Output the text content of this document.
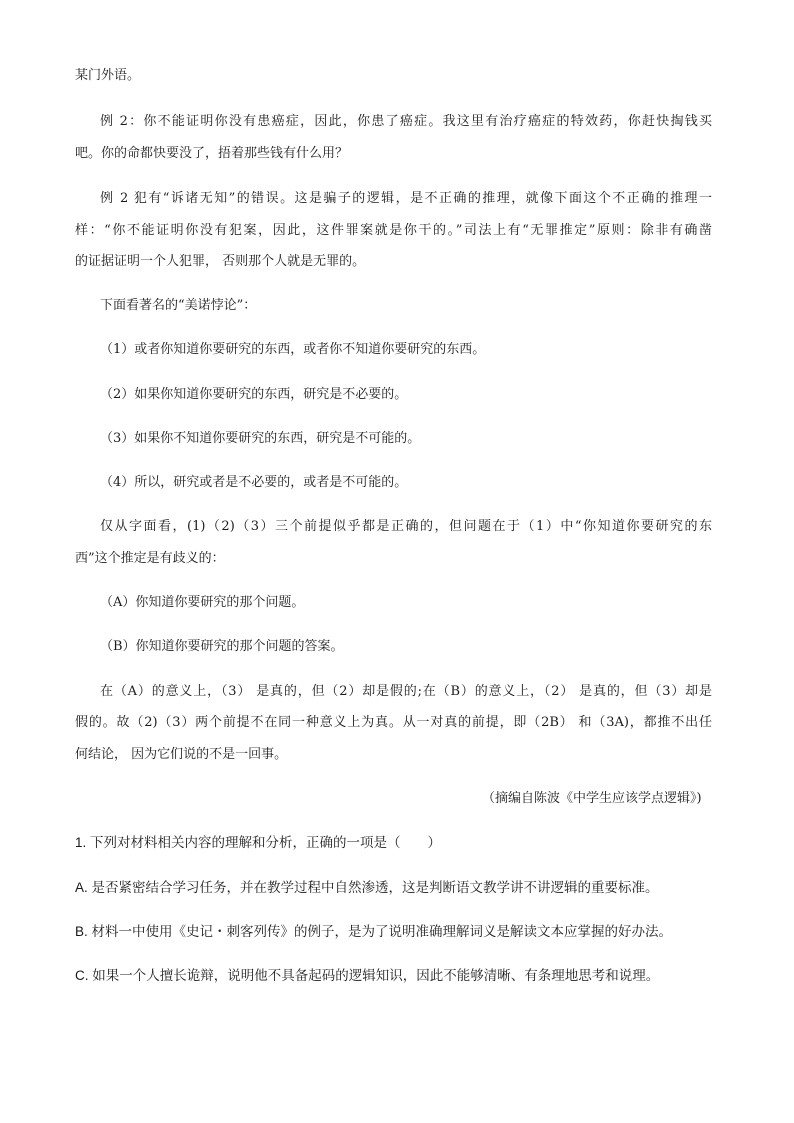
某门外语。
例 2：你不能证明你没有患癌症，因此，你患了癌症。我这里有治疗癌症的特效药，你赶快掏钱买
吧。你的命都快要没了，捂着那些钱有什么用？
例 2 犯有“诉诸无知”的错误。这是骗子的逻辑，是不正确的推理，就像下面这个不正确的推理一
样：“你不能证明你没有犯案，因此，这件罪案就是你干的。”司法上有“无罪推定”原则：除非有确凿
的证据证明一个人犯罪， 否则那个人就是无罪的。
下面看著名的“美诺悖论”：
（1）或者你知道你要研究的东西，或者你不知道你要研究的东西。
（2）如果你知道你要研究的东西，研究是不必要的。
（3）如果你不知道你要研究的东西，研究是不可能的。
（4）所以，研究或者是不必要的，或者是不可能的。
仅从字面看，(1)（2)（3）三个前提似乎都是正确的，但问题在于（1）中“你知道你要研究的东
西”这个推定是有歧义的：
（A）你知道你要研究的那个问题。
（B）你知道你要研究的那个问题的答案。
在（A）的意义上，（3） 是真的，但（2）却是假的;在（B）的意义上，（2） 是真的，但（3）却是
假的。故（2)（3）两个前提不在同一种意义上为真。从一对真的前提，即（2B） 和（3A)，都推不出任
何结论， 因为它们说的不是一回事。
（摘编自陈波《中学生应该学点逻辑》)
1. 下列对材料相关内容的理解和分析，正确的一项是（　　）
A. 是否紧密结合学习任务，并在教学过程中自然渗透，这是判断语文教学讲不讲逻辑的重要标准。
B. 材料一中使用《史记・刺客列传》的例子，是为了说明准确理解词义是解读文本应掌握的好办法。
C. 如果一个人擅长诡辩，说明他不具备起码的逻辑知识，因此不能够清晰、有条理地思考和说理。
